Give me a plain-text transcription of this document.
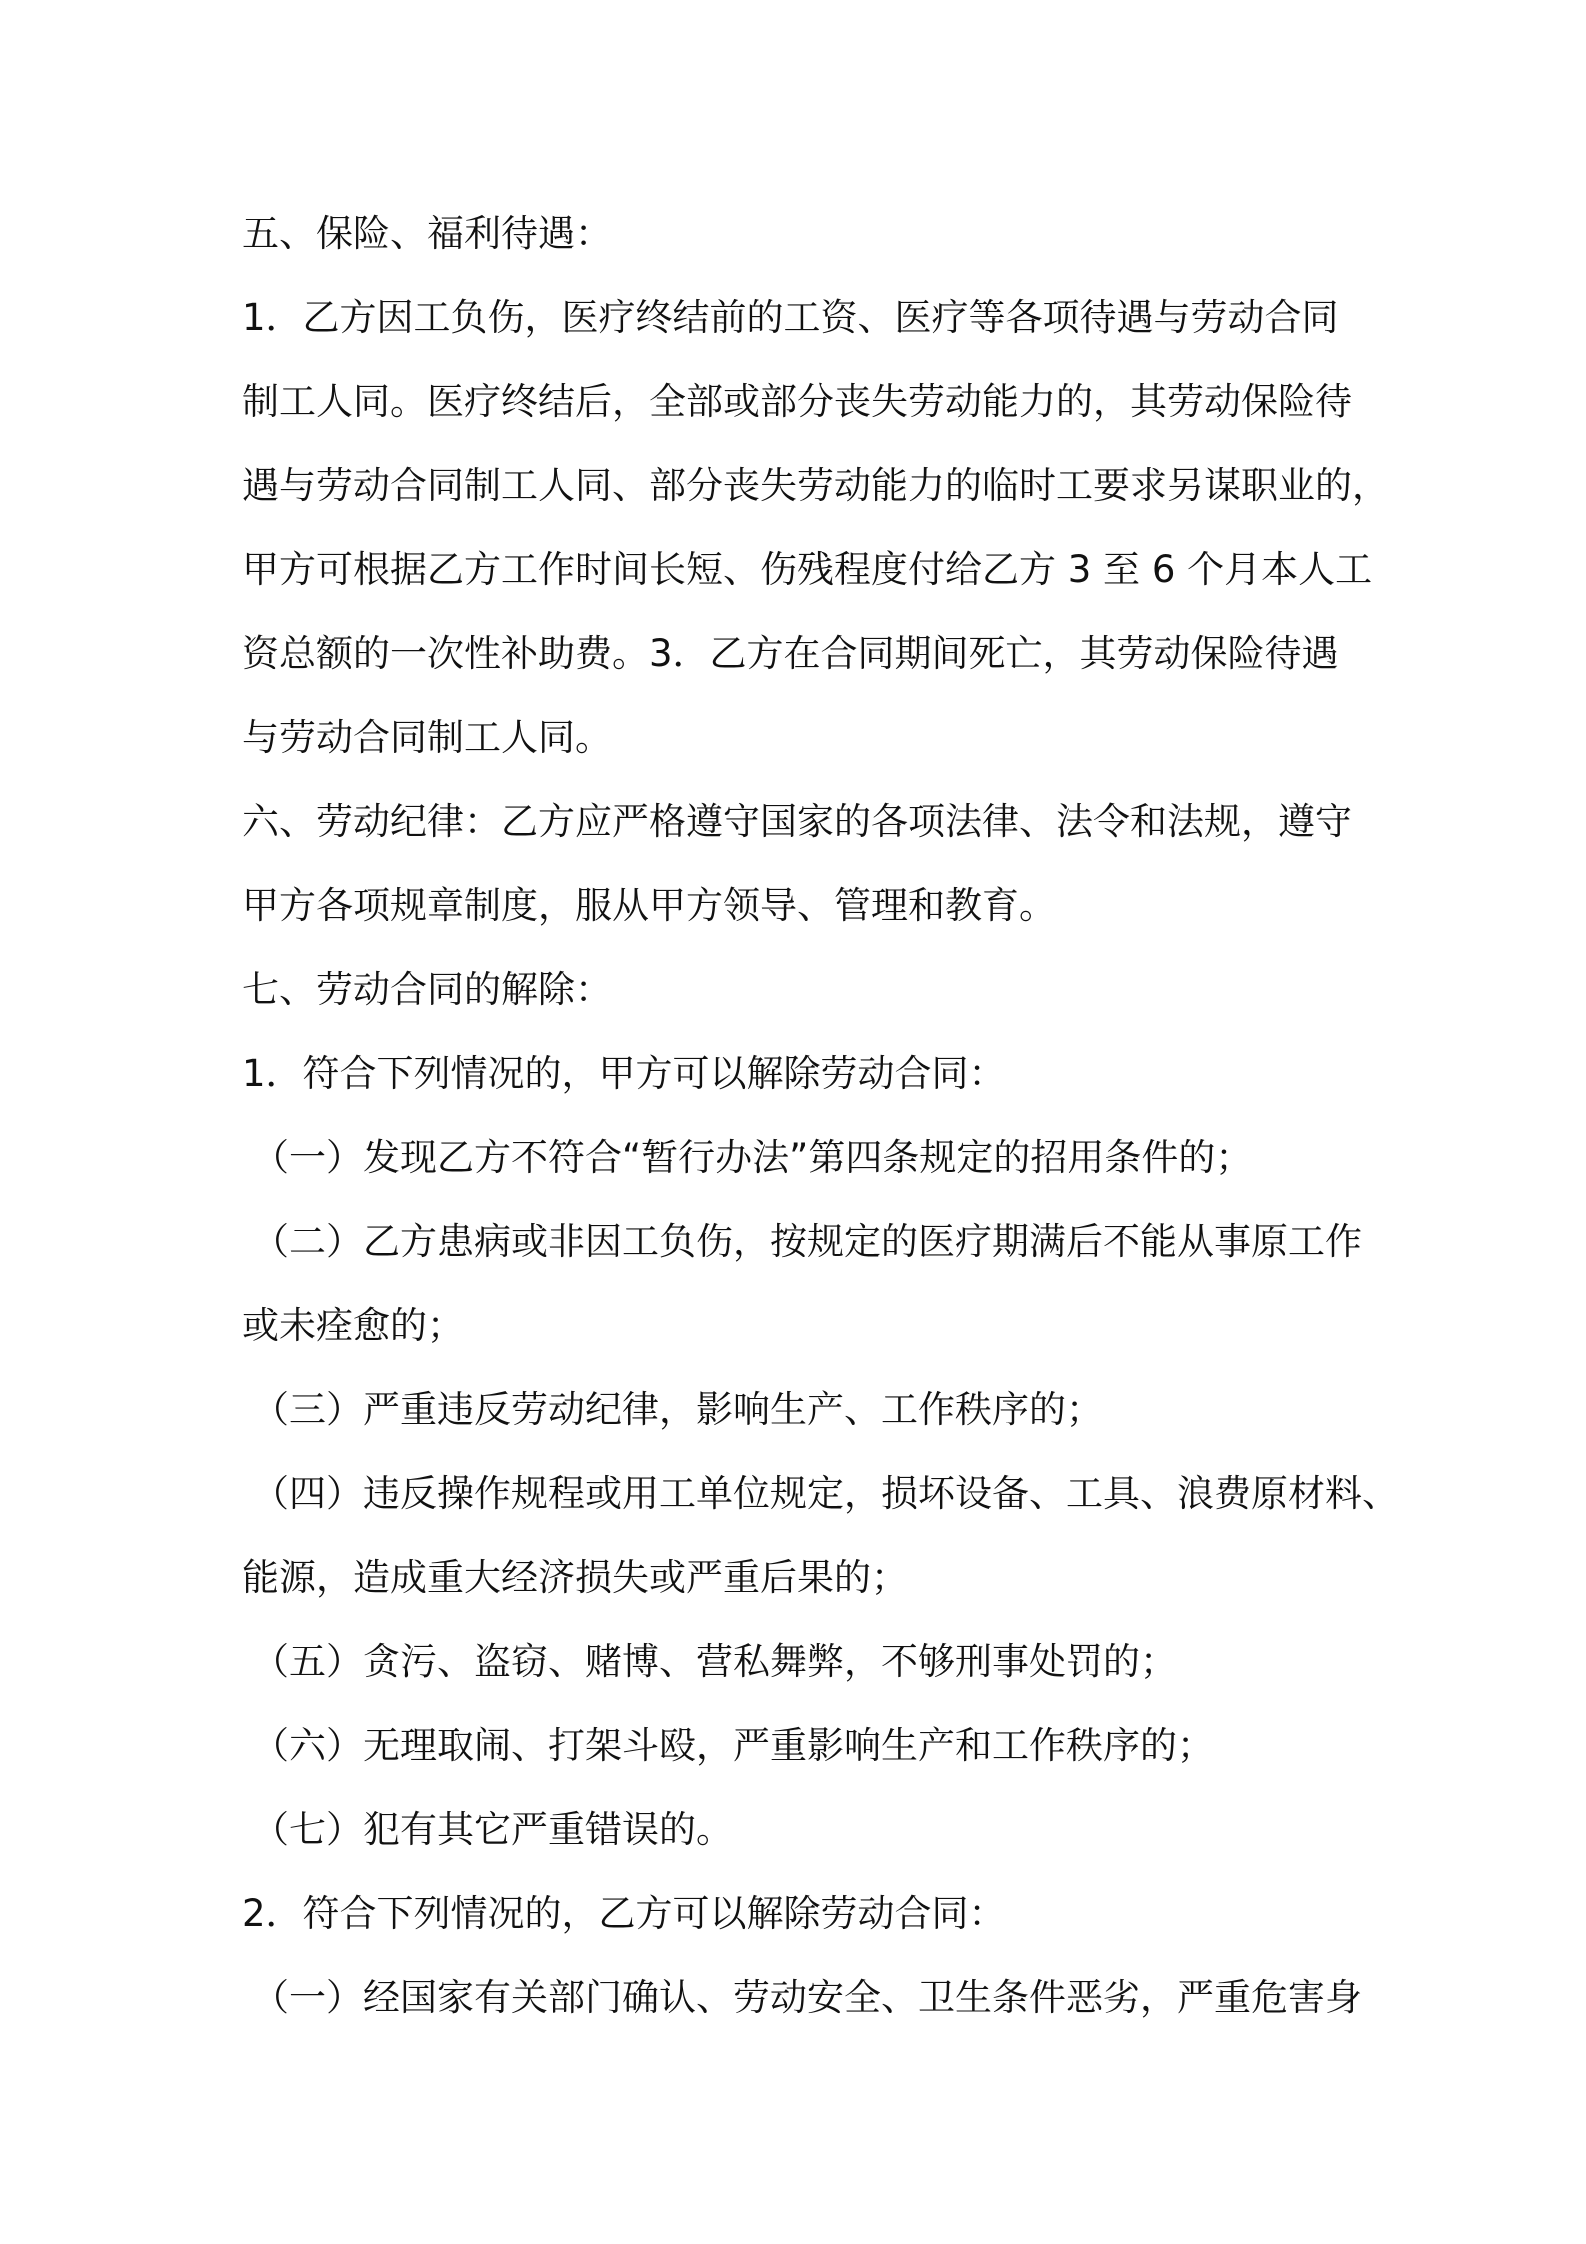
五、保险、福利待遇：

1．乙方因工负伤，医疗终结前的工资、医疗等各项待遇与劳动合同

制工人同。医疗终结后，全部或部分丧失劳动能力的，其劳动保险待

遇与劳动合同制工人同、部分丧失劳动能力的临时工要求另谋职业的，

甲方可根据乙方工作时间长短、伤残程度付给乙方 3 至 6 个月本人工

资总额的一次性补助费。3．乙方在合同期间死亡，其劳动保险待遇

与劳动合同制工人同。

六、劳动纪律：乙方应严格遵守国家的各项法律、法令和法规，遵守

甲方各项规章制度，服从甲方领导、管理和教育。

七、劳动合同的解除：

1．符合下列情况的，甲方可以解除劳动合同：

（一）发现乙方不符合“暂行办法”第四条规定的招用条件的；

（二）乙方患病或非因工负伤，按规定的医疗期满后不能从事原工作

或未痊愈的；

（三）严重违反劳动纪律，影响生产、工作秩序的；

（四）违反操作规程或用工单位规定，损坏设备、工具、浪费原材料、

能源，造成重大经济损失或严重后果的；

（五）贪污、盗窃、赌博、营私舞弊，不够刑事处罚的；

（六）无理取闹、打架斗殴，严重影响生产和工作秩序的；

（七）犯有其它严重错误的。

2．符合下列情况的，乙方可以解除劳动合同：

（一）经国家有关部门确认、劳动安全、卫生条件恶劣，严重危害身
